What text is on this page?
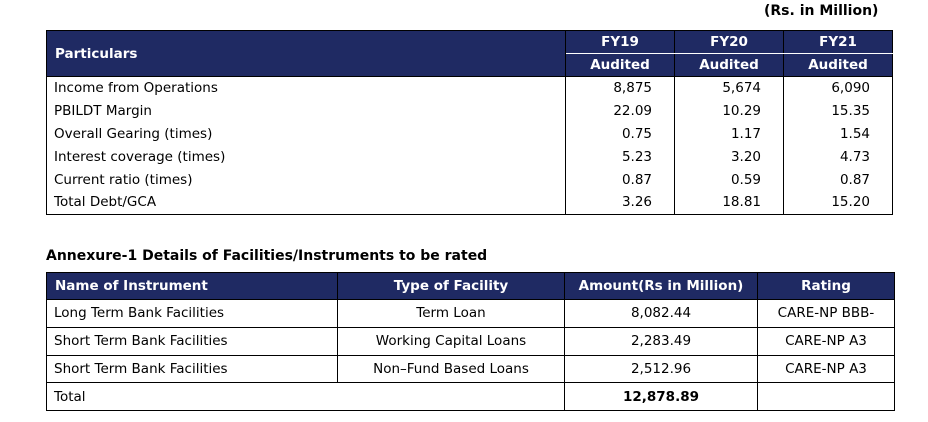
(Rs. in Million)
Particulars	FY19	FY20	FY21
	Audited	Audited	Audited
Income from Operations	8,875	5,674	6,090
PBILDT Margin	22.09	10.29	15.35
Overall Gearing (times)	0.75	1.17	1.54
Interest coverage (times)	5.23	3.20	4.73
Current ratio (times)	0.87	0.59	0.87
Total Debt/GCA	3.26	18.81	15.20
Annexure-1 Details of Facilities/Instruments to be rated
Name of Instrument	Type of Facility	Amount(Rs in Million)	Rating
Long Term Bank Facilities	Term Loan	8,082.44	CARE-NP BBB-
Short Term Bank Facilities	Working Capital Loans	2,283.49	CARE-NP A3
Short Term Bank Facilities	Non–Fund Based Loans	2,512.96	CARE-NP A3
Total		12,878.89	
